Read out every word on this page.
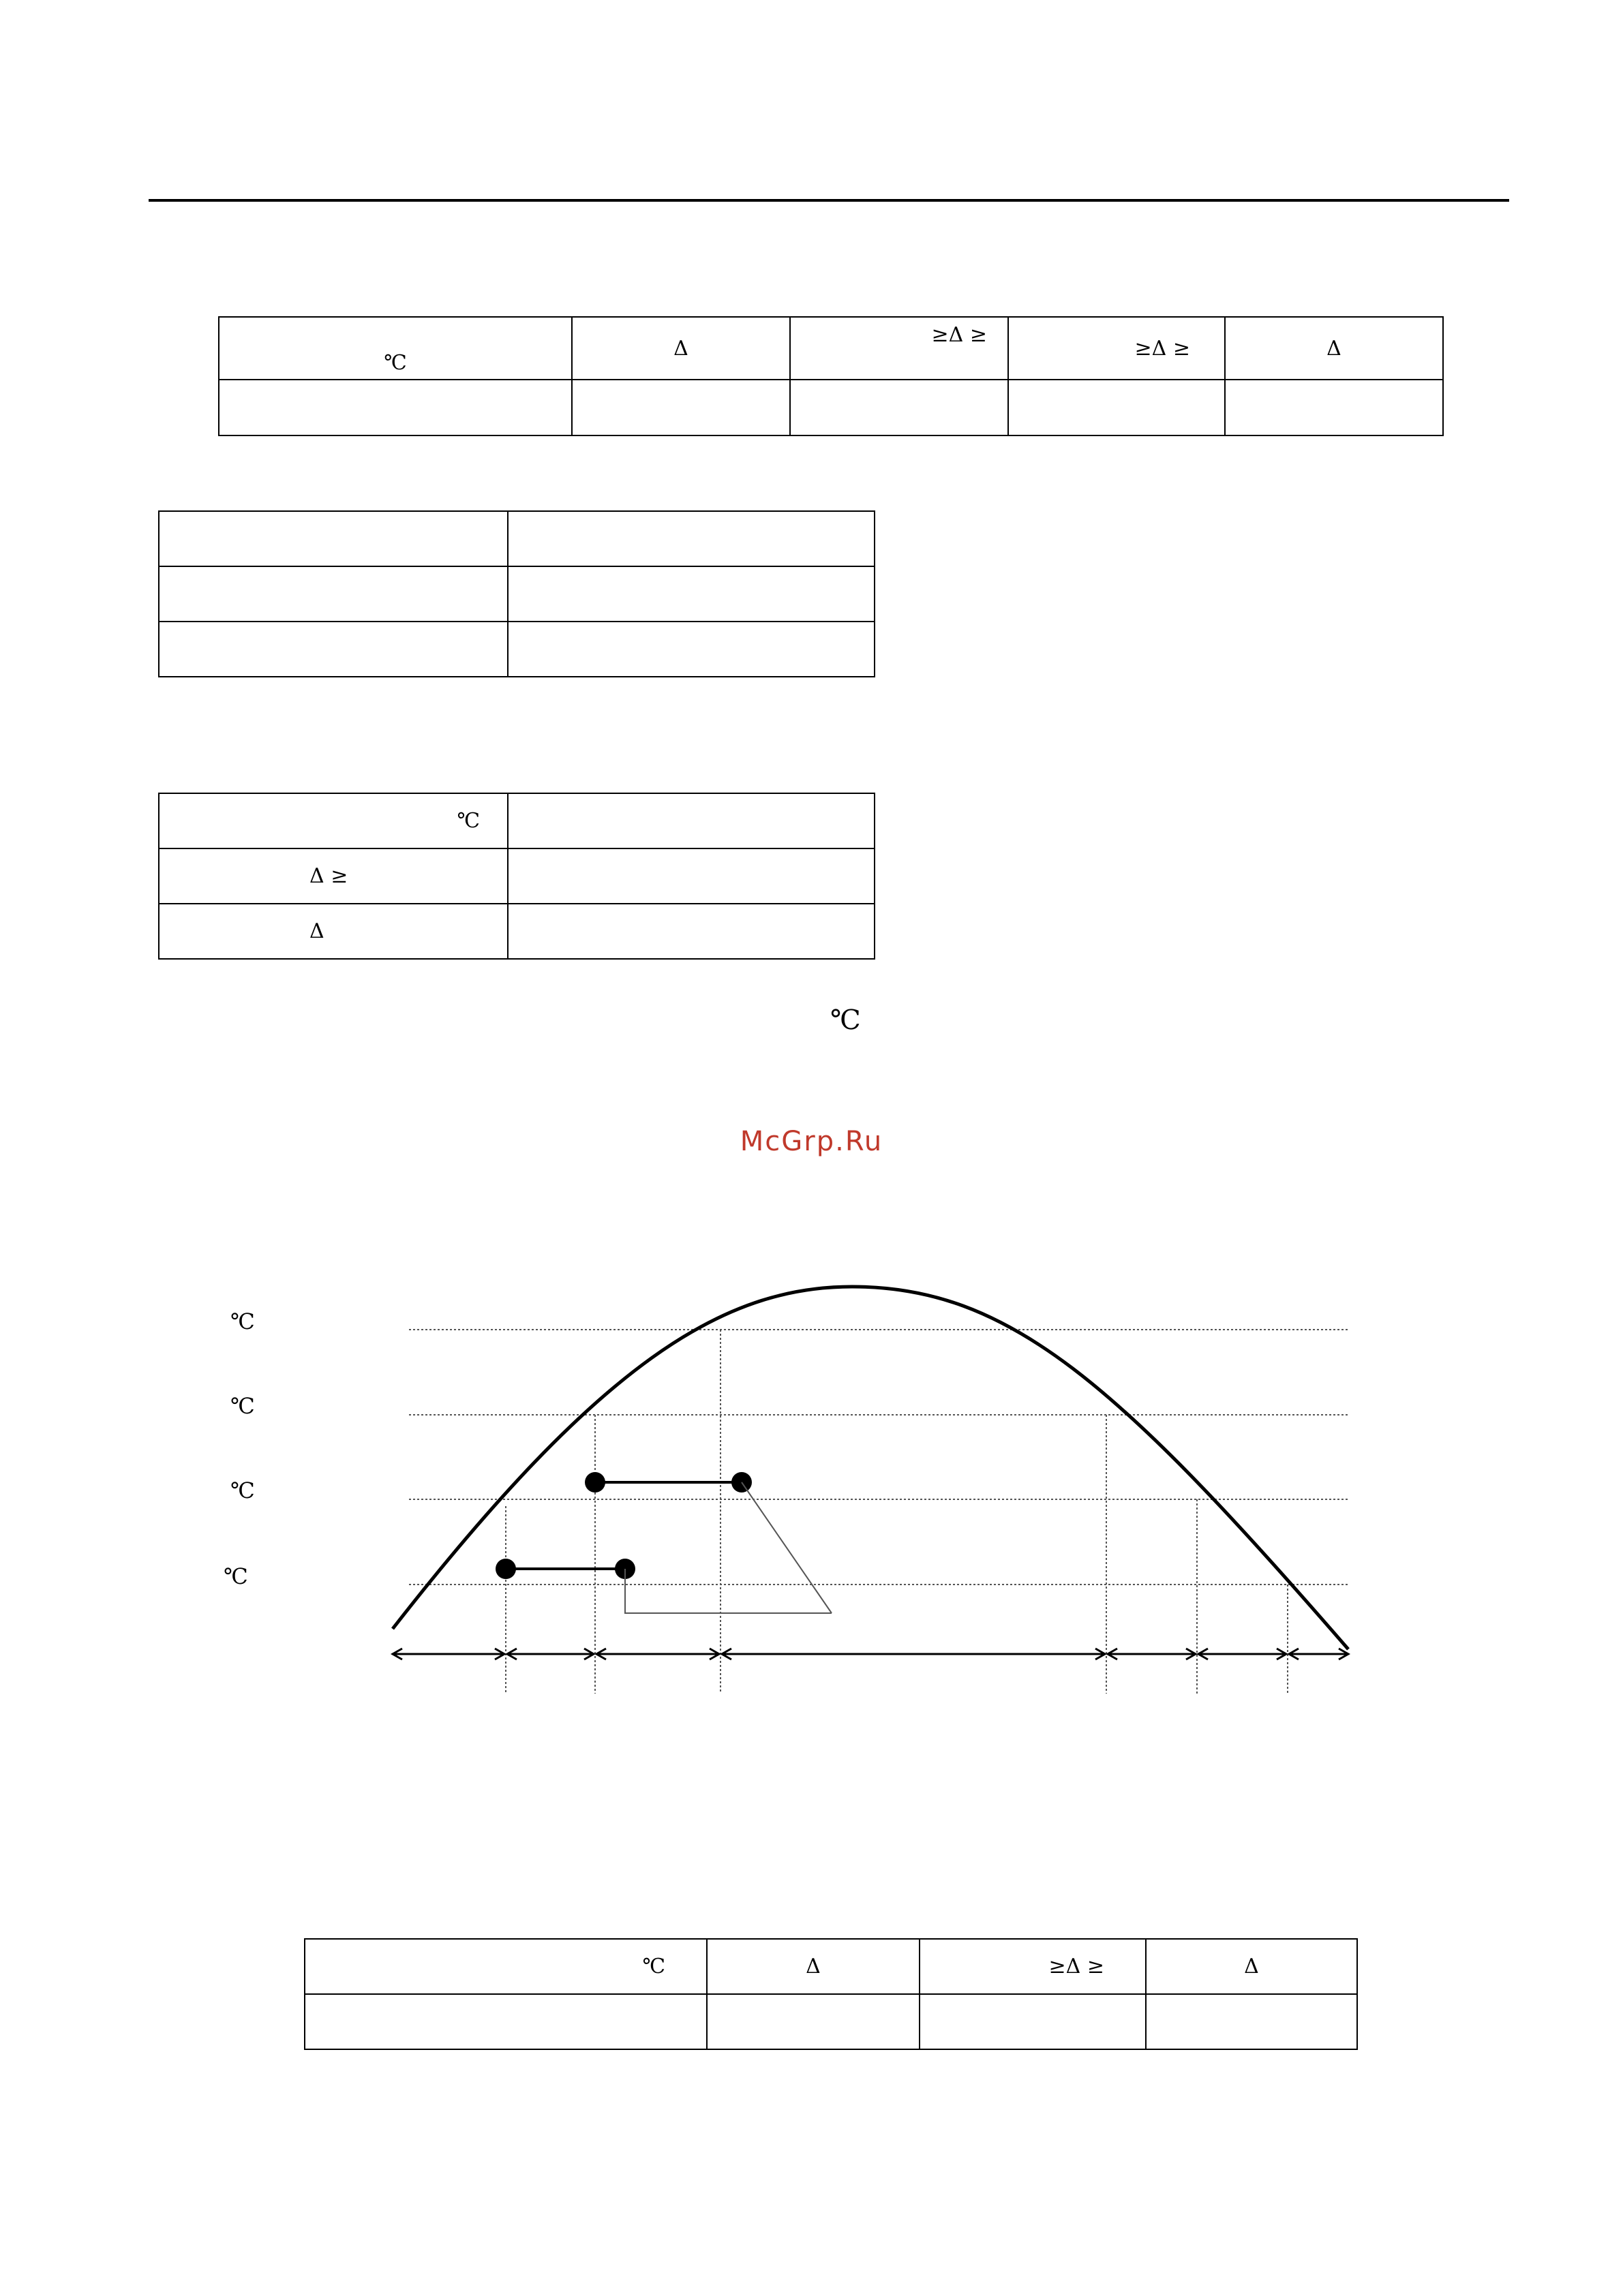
℃	Δ	≥Δ ≥	≥Δ ≥	Δ

℃	
Δ ≥	
Δ	
℃
McGrp.Ru
℃
℃
℃
℃
℃	Δ	≥Δ ≥	Δ
